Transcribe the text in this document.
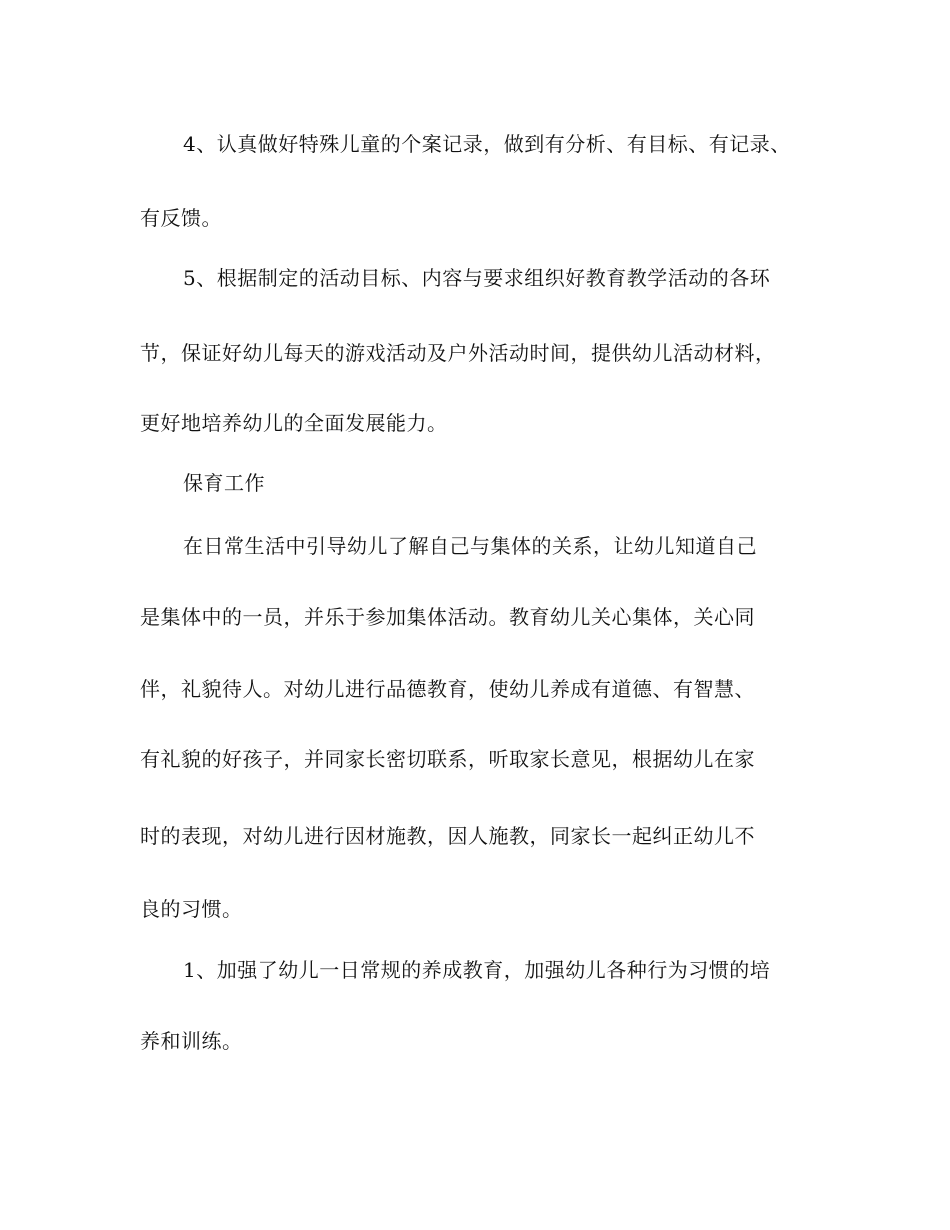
4、认真做好特殊儿童的个案记录，做到有分析、有目标、有记录、
有反馈。
5、根据制定的活动目标、内容与要求组织好教育教学活动的各环
节，保证好幼儿每天的游戏活动及户外活动时间，提供幼儿活动材料，
更好地培养幼儿的全面发展能力。
保育工作
在日常生活中引导幼儿了解自己与集体的关系，让幼儿知道自己
是集体中的一员，并乐于参加集体活动。教育幼儿关心集体，关心同
伴，礼貌待人。对幼儿进行品德教育，使幼儿养成有道德、有智慧、
有礼貌的好孩子，并同家长密切联系，听取家长意见，根据幼儿在家
时的表现，对幼儿进行因材施教，因人施教，同家长一起纠正幼儿不
良的习惯。
1、加强了幼儿一日常规的养成教育，加强幼儿各种行为习惯的培
养和训练。
